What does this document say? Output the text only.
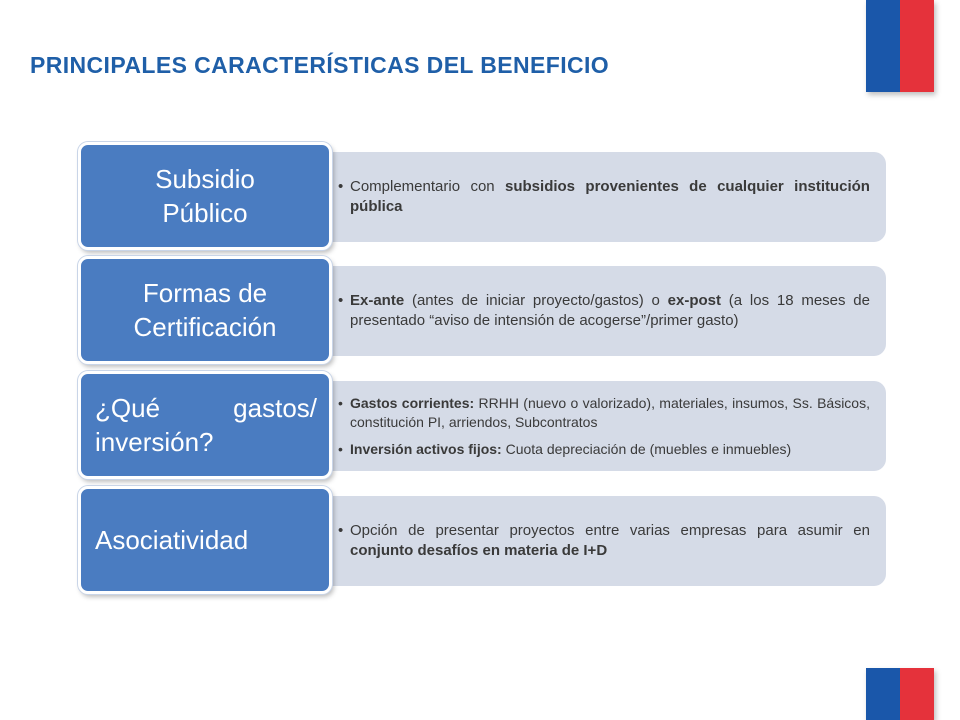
PRINCIPALES CARACTERÍSTICAS DEL BENEFICIO
• Complementario con subsidios provenientes de cualquier institución pública
Subsidio
Público
• Ex-ante (antes de iniciar proyecto/gastos) o ex-post (a los 18 meses de presentado “aviso de intensión de acogerse”/primer gasto)
Formas de
Certificación
• Gastos corrientes: RRHH (nuevo o valorizado), materiales, insumos, Ss. Básicos, constitución PI, arriendos, Subcontratos
• Inversión activos fijos: Cuota depreciación de (muebles e inmuebles)
¿Qué gastos/ inversión?
• Opción de presentar proyectos entre varias empresas para asumir en conjunto desafíos en materia de I+D
Asociatividad
